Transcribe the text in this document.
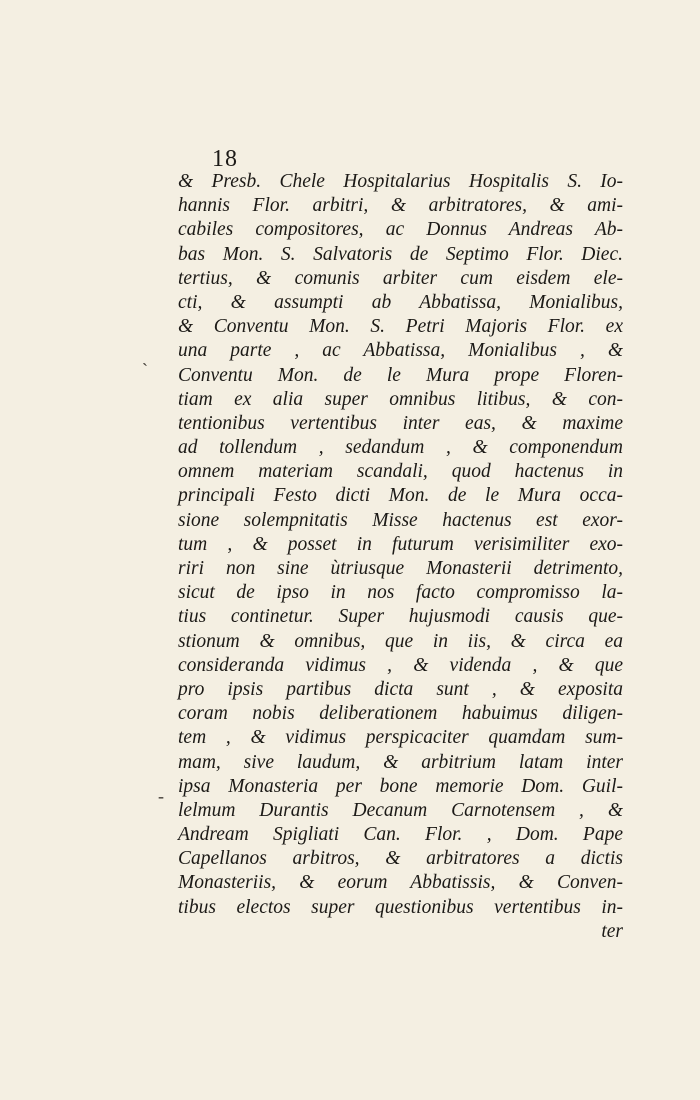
18
`
-
& Presb. Chele Hospitalarius Hospitalis S. Io-
hannis Flor. arbitri, & arbitratores, & ami-
cabiles compositores, ac Donnus Andreas Ab-
bas Mon. S. Salvatoris de Septimo Flor. Diec.
tertius, & comunis arbiter cum eisdem ele-
cti, & assumpti ab Abbatissa, Monialibus,
& Conventu Mon. S. Petri Majoris Flor. ex
una parte , ac Abbatissa, Monialibus , &
Conventu Mon. de le Mura prope Floren-
tiam ex alia super omnibus litibus, & con-
tentionibus vertentibus inter eas, & maxime
ad tollendum , sedandum , & componendum
omnem materiam scandali, quod hactenus in
principali Festo dicti Mon. de le Mura occa-
sione solempnitatis Misse hactenus est exor-
tum , & posset in futurum verisimiliter exo-
riri non sine ùtriusque Monasterii detrimento,
sicut de ipso in nos facto compromisso la-
tius continetur. Super hujusmodi causis que-
stionum & omnibus, que in iis, & circa ea
consideranda vidimus , & videnda , & que
pro ipsis partibus dicta sunt , & exposita
coram nobis deliberationem habuimus diligen-
tem , & vidimus perspicaciter quamdam sum-
mam, sive laudum, & arbitrium latam inter
ipsa Monasteria per bone memorie Dom. Guil-
lelmum Durantis Decanum Carnotensem , &
Andream Spigliati Can. Flor. , Dom. Pape
Capellanos arbitros, & arbitratores a dictis
Monasteriis, & eorum Abbatissis, & Conven-
tibus electos super questionibus vertentibus in-
ter
